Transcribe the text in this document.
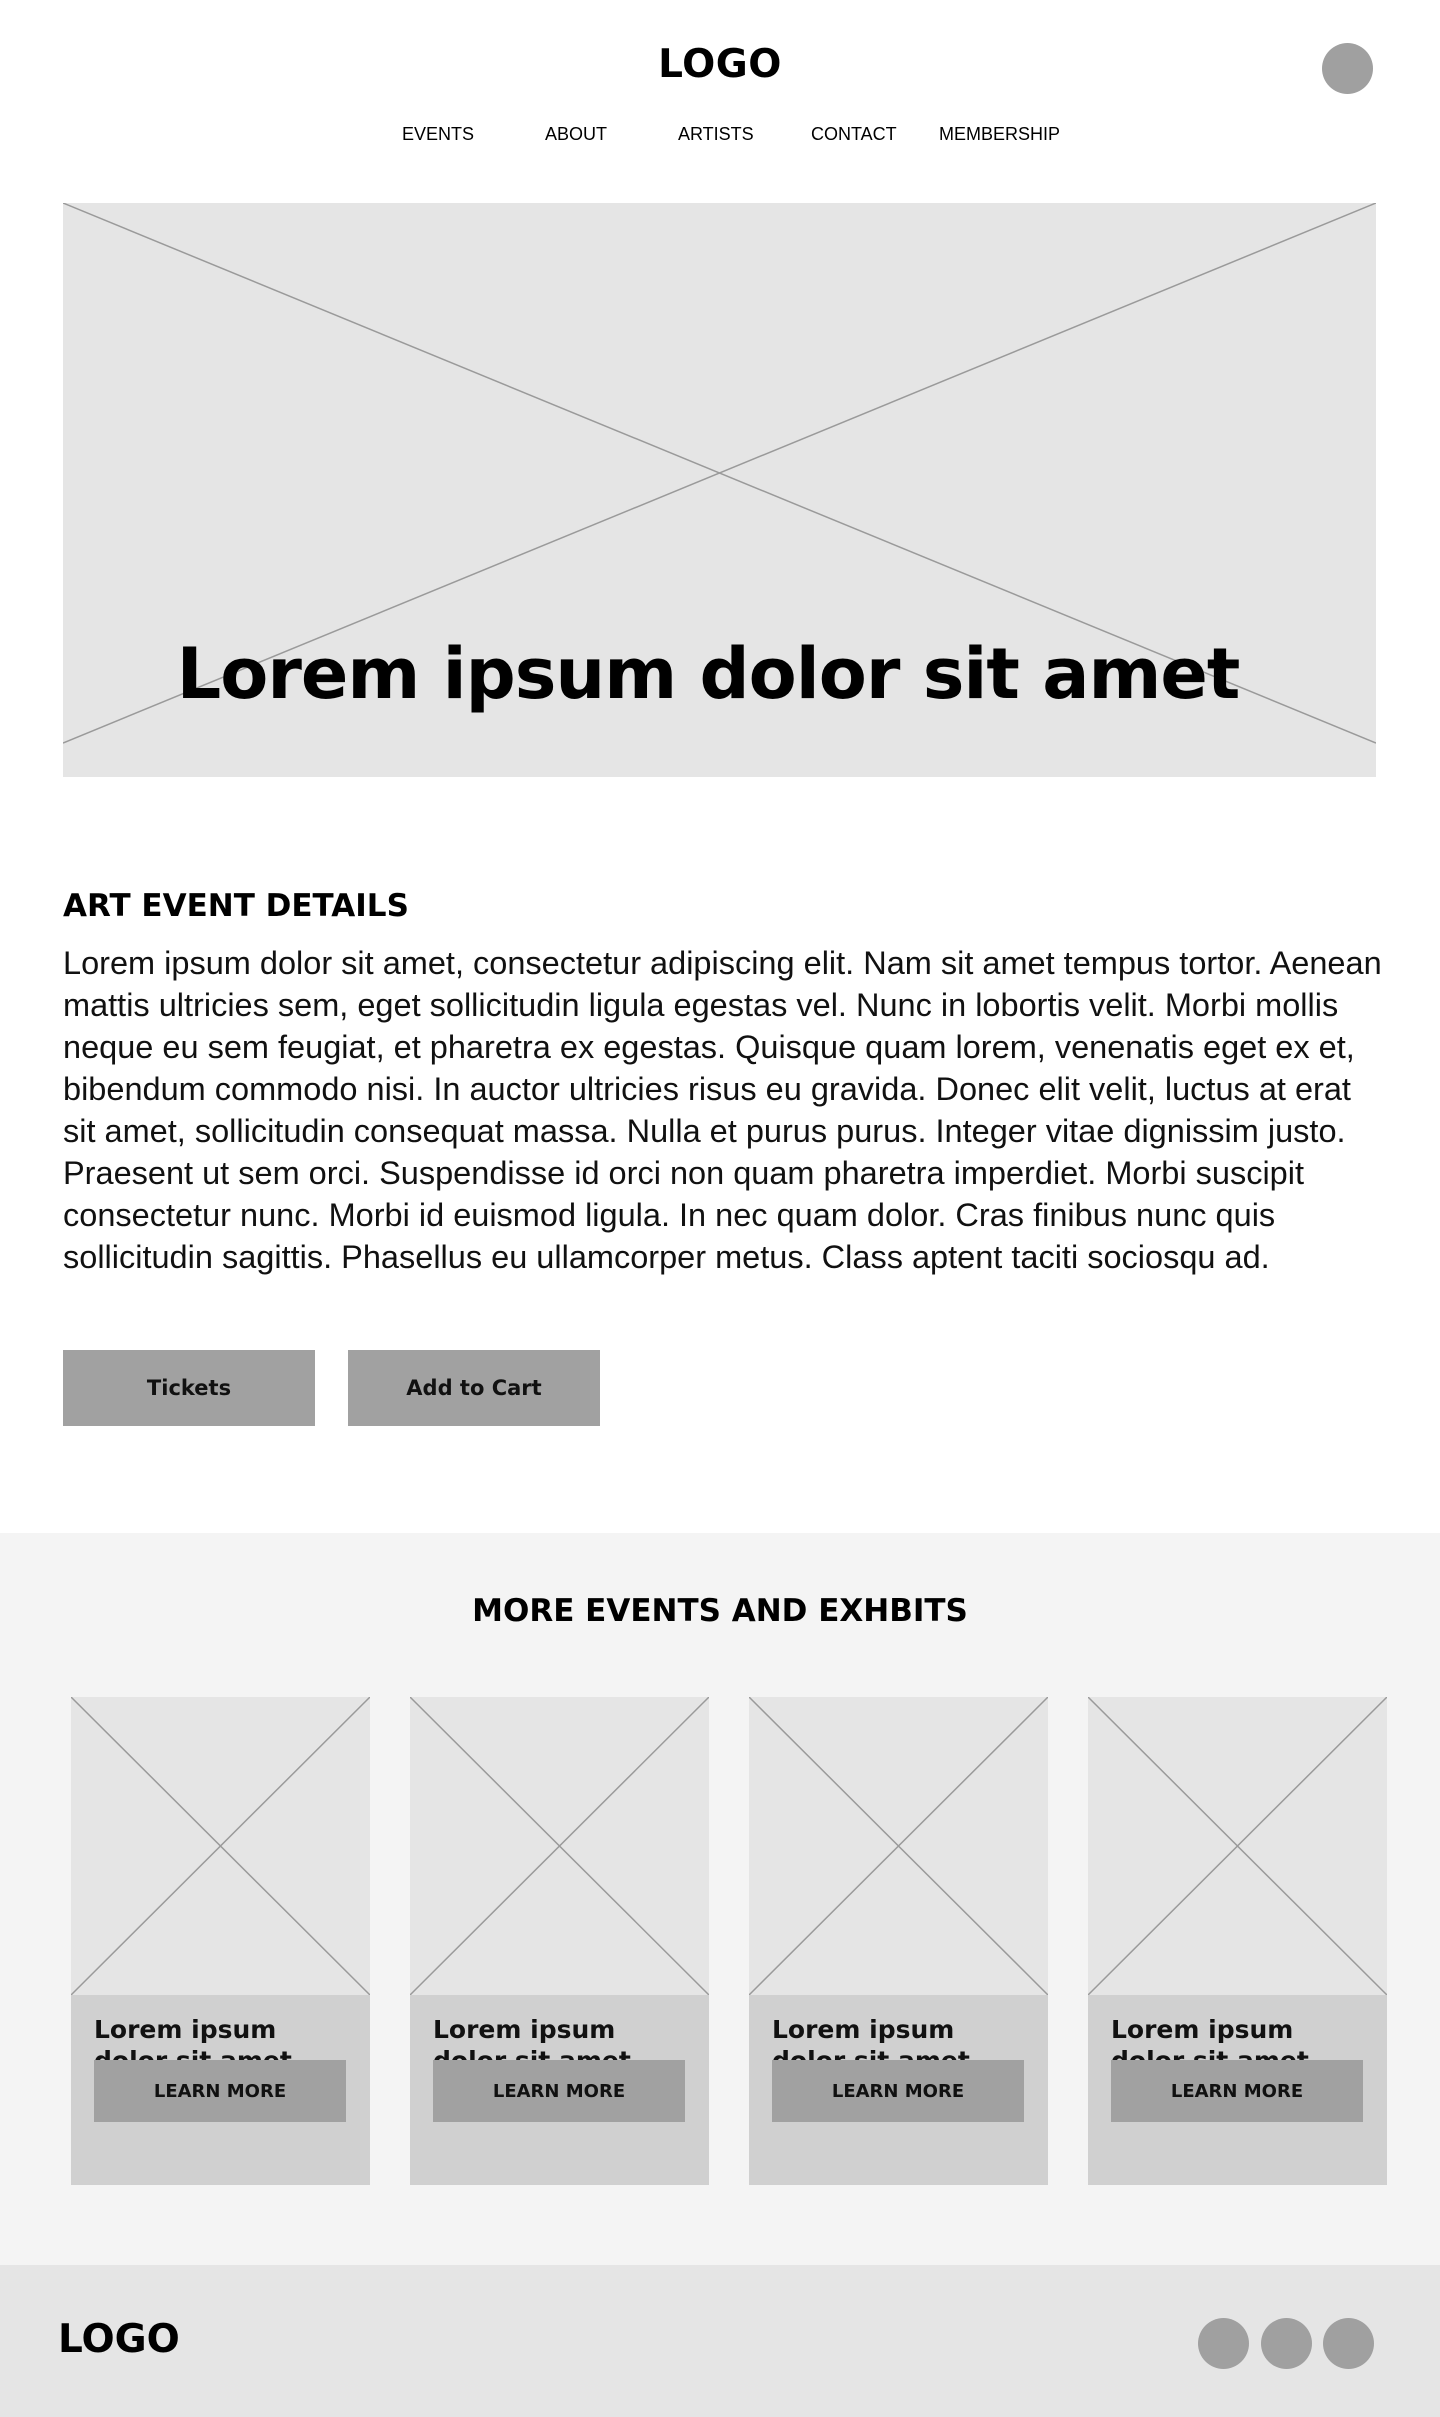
LOGO
EVENTS	ABOUT	ARTISTS	CONTACT MEMBERSHIP
Lorem ipsum dolor sit amet
ART EVENT DETAILS

Lorem ipsum dolor sit amet, consectetur adipiscing elit. Nam sit amet tempus tortor. Aenean mattis ultricies sem, eget sollicitudin ligula egestas vel. Nunc in lobortis velit. Morbi mollis neque eu sem feugiat, et pharetra ex egestas. Quisque quam lorem, venenatis eget ex et, bibendum commodo nisi. In auctor ultricies risus eu gravida. Donec elit velit, luctus at erat sit amet, sollicitudin consequat massa. Nulla et purus purus. Integer vitae dignissim justo. Praesent ut sem orci. Suspendisse id orci non quam pharetra imperdiet. Morbi suscipit consectetur nunc. Morbi id euismod ligula. In nec quam dolor. Cras finibus nunc quis sollicitudin sagittis. Phasellus eu ullamcorper metus. Class aptent taciti sociosqu ad.

Tickets	Add to Cart
MORE EVENTS AND EXHBITS
Lorem ipsum
LEARN MORE
Lorem ipsum
LEARN MORE
Lorem ipsum
LEARN MORE
Lorem ipsum
LEARN MORE
LOGO
